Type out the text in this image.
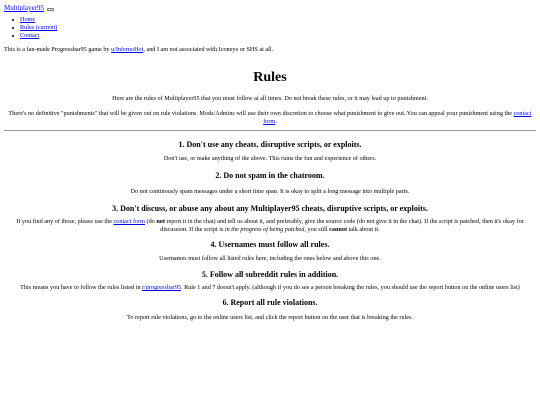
Multiplayer95
Home
Rules (current)
Contact

This is a fan-made Progressbar95 game by u/InfernoHot, and I am not associated with Iconeye or SHS at all.

Rules

Here are the rules of Multiplayer95 that you must follow at all times. Do not break these rules, or it may lead up to punishment.

There's no definitive "punishments" that will be given out on rule violations. Mods/Admins will use their own discretion to choose what punishment to give out. You can appeal your punishment using the contact form.

1. Don't use any cheats, disruptive scripts, or exploits.

Don't use, or make anything of the above. This ruins the fun and experience of others.

2. Do not spam in the chatroom.

Do not continously spam messages under a short time span. It is okay to split a long message into multiple parts.

3. Don't discuss, or abuse any about any Multiplayer95 cheats, disruptive scripts, or exploits.

If you find any of those, please use the contact form (do not report it in the chat) and tell us about it, and preferably, give the source code (do not give it in the chat). If the script is patched, then it's okay for discussion. If the script is in the progress of being patched, you still cannot talk about it.

4. Usernames must follow all rules.

Usernames must follow all listed rules here, including the ones below and above this one.

5. Follow all subreddit rules in addition.

This means you have to follow the rules listed in r/progressbar95. Rule 1 and 7 doesn't apply. (although if you do see a person breaking the rules, you should use the report button on the online users list)

6. Report all rule violations.

To report rule violations, go to the online users list, and click the report button on the user that is breaking the rules.
